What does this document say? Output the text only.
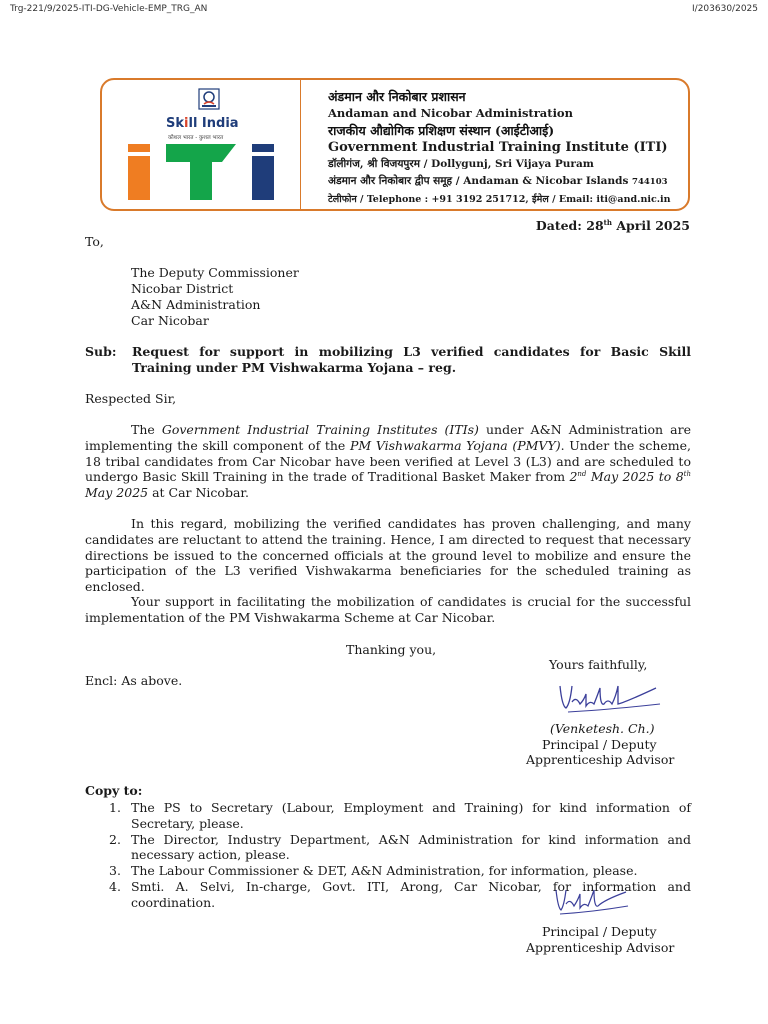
Trg-221/9/2025-ITI-DG-Vehicle-EMP_TRG_AN	I/203630/2025
Skill India
कौशल भारत - कुशल भारत
अंडमान और निकोबार प्रशासन
Andaman and Nicobar Administration
राजकीय औद्योगिक प्रशिक्षण संस्थान (आईटीआई)
Government Industrial Training Institute (ITI)
डॉलीगंज, श्री विजयपुरम / Dollygunj, Sri Vijaya Puram
अंडमान और निकोबार द्वीप समूह / Andaman & Nicobar Islands 744103
टेलीफोन / Telephone : +91 3192 251712, ईमेल / Email: iti@and.nic.in
Dated: 28th April 2025
To,
The Deputy Commissioner
Nicobar District
A&N Administration
Car Nicobar
Sub: Request for support in mobilizing L3 verified candidates for Basic Skill Training under PM Vishwakarma Yojana – reg.
Respected Sir,
The Government Industrial Training Institutes (ITIs) under A&N Administration are implementing the skill component of the PM Vishwakarma Yojana (PMVY). Under the scheme, 18 tribal candidates from Car Nicobar have been verified at Level 3 (L3) and are scheduled to undergo Basic Skill Training in the trade of Traditional Basket Maker from 2nd May 2025 to 8th May 2025 at Car Nicobar.
In this regard, mobilizing the verified candidates has proven challenging, and many candidates are reluctant to attend the training. Hence, I am directed to request that necessary directions be issued to the concerned officials at the ground level to mobilize and ensure the participation of the L3 verified Vishwakarma beneficiaries for the scheduled training as enclosed.
Your support in facilitating the mobilization of candidates is crucial for the successful implementation of the PM Vishwakarma Scheme at Car Nicobar.
Thanking you,
Yours faithfully,
Encl: As above.
(Venketesh. Ch.)
Principal / Deputy
Apprenticeship Advisor
Copy to:
1. The PS to Secretary (Labour, Employment and Training) for kind information of Secretary, please.
2. The Director, Industry Department, A&N Administration for kind information and necessary action, please.
3. The Labour Commissioner & DET, A&N Administration, for information, please.
4. Smti. A. Selvi, In-charge, Govt. ITI, Arong, Car Nicobar, for information and coordination.
Principal / Deputy
Apprenticeship Advisor
